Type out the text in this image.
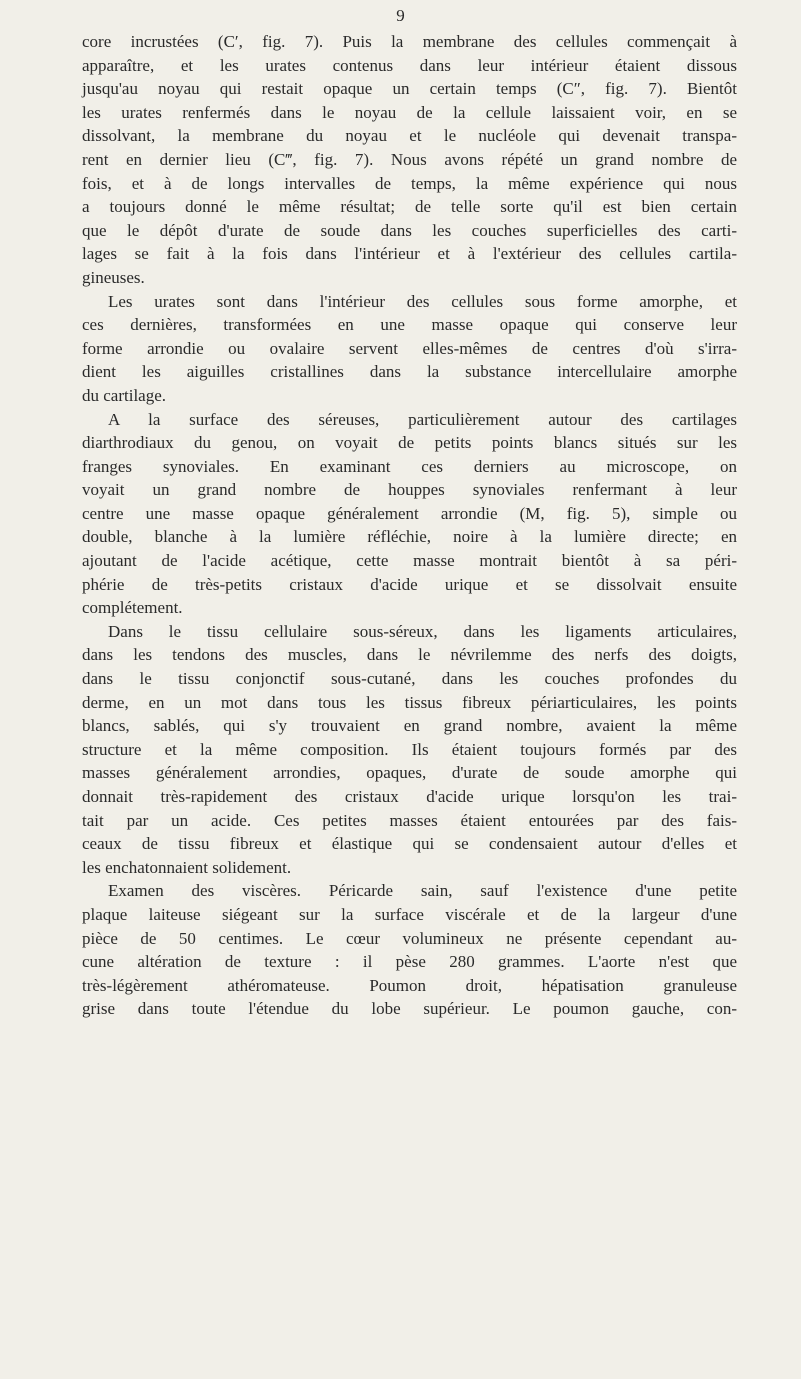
9
core incrustées (C′, fig. 7). Puis la membrane des cellules commençait à
apparaître, et les urates contenus dans leur intérieur étaient dissous
jusqu'au noyau qui restait opaque un certain temps (C″, fig. 7). Bientôt
les urates renfermés dans le noyau de la cellule laissaient voir, en se
dissolvant, la membrane du noyau et le nucléole qui devenait transpa-
rent en dernier lieu (C‴, fig. 7). Nous avons répété un grand nombre de
fois, et à de longs intervalles de temps, la même expérience qui nous
a toujours donné le même résultat; de telle sorte qu'il est bien certain
que le dépôt d'urate de soude dans les couches superficielles des carti-
lages se fait à la fois dans l'intérieur et à l'extérieur des cellules cartila-
gineuses.
Les urates sont dans l'intérieur des cellules sous forme amorphe, et
ces dernières, transformées en une masse opaque qui conserve leur
forme arrondie ou ovalaire servent elles-mêmes de centres d'où s'irra-
dient les aiguilles cristallines dans la substance intercellulaire amorphe
du cartilage.
A la surface des séreuses, particulièrement autour des cartilages
diarthrodiaux du genou, on voyait de petits points blancs situés sur les
franges synoviales. En examinant ces derniers au microscope, on
voyait un grand nombre de houppes synoviales renfermant à leur
centre une masse opaque généralement arrondie (M, fig. 5), simple ou
double, blanche à la lumière réfléchie, noire à la lumière directe; en
ajoutant de l'acide acétique, cette masse montrait bientôt à sa péri-
phérie de très-petits cristaux d'acide urique et se dissolvait ensuite
complétement.
Dans le tissu cellulaire sous-séreux, dans les ligaments articulaires,
dans les tendons des muscles, dans le névrilemme des nerfs des doigts,
dans le tissu conjonctif sous-cutané, dans les couches profondes du
derme, en un mot dans tous les tissus fibreux périarticulaires, les points
blancs, sablés, qui s'y trouvaient en grand nombre, avaient la même
structure et la même composition. Ils étaient toujours formés par des
masses généralement arrondies, opaques, d'urate de soude amorphe qui
donnait très-rapidement des cristaux d'acide urique lorsqu'on les trai-
tait par un acide. Ces petites masses étaient entourées par des fais-
ceaux de tissu fibreux et élastique qui se condensaient autour d'elles et
les enchatonnaient solidement.
Examen des viscères. Péricarde sain, sauf l'existence d'une petite
plaque laiteuse siégeant sur la surface viscérale et de la largeur d'une
pièce de 50 centimes. Le cœur volumineux ne présente cependant au-
cune altération de texture : il pèse 280 grammes. L'aorte n'est que
très-légèrement athéromateuse. Poumon droit, hépatisation granuleuse
grise dans toute l'étendue du lobe supérieur. Le poumon gauche, con-
